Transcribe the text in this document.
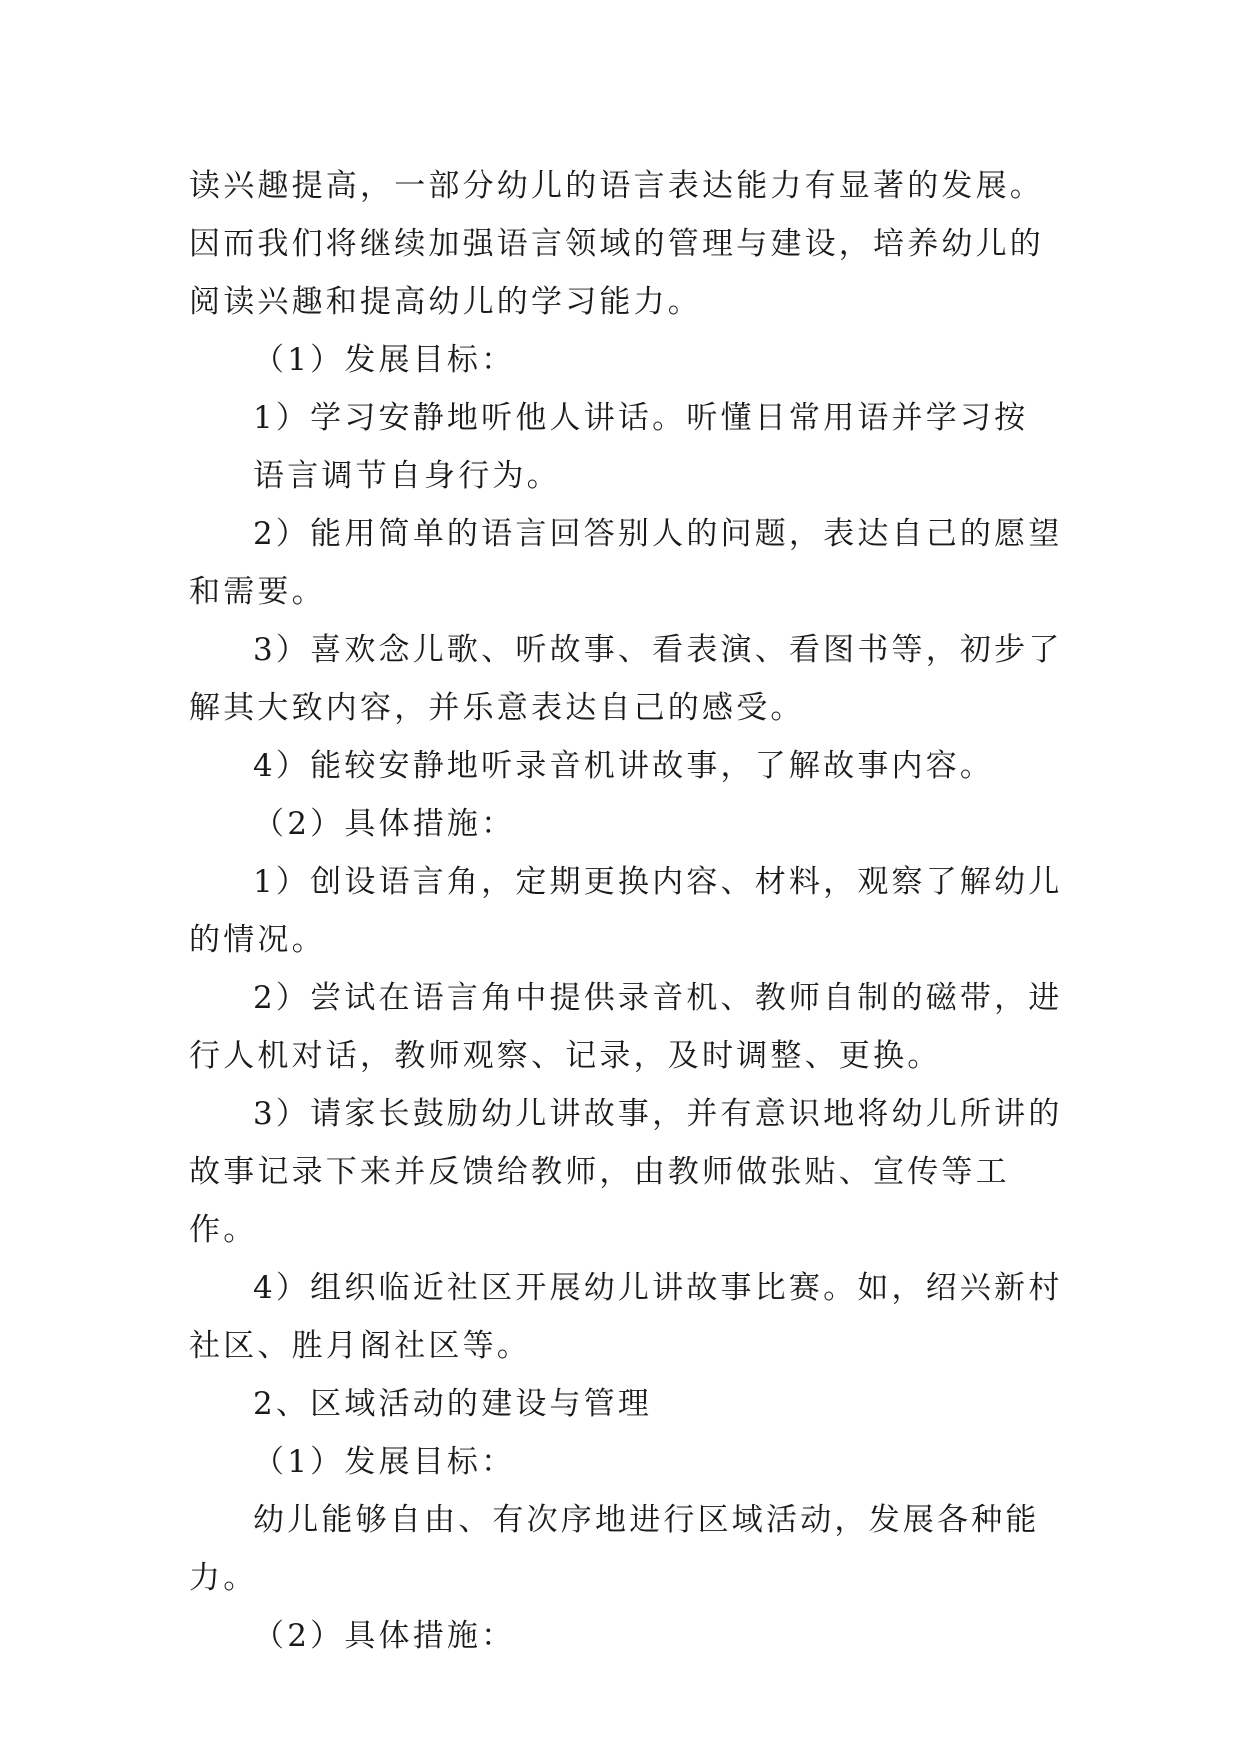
读兴趣提高，一部分幼儿的语言表达能力有显著的发展。因而我们将继续加强语言领域的管理与建设，培养幼儿的阅读兴趣和提高幼儿的学习能力。

（1）发展目标：

1）学习安静地听他人讲话。听懂日常用语并学习按

语言调节自身行为。

2）能用简单的语言回答别人的问题，表达自己的愿望和需要。

3）喜欢念儿歌、听故事、看表演、看图书等，初步了解其大致内容，并乐意表达自己的感受。

4）能较安静地听录音机讲故事，了解故事内容。

（2）具体措施：

1）创设语言角，定期更换内容、材料，观察了解幼儿的情况。

2）尝试在语言角中提供录音机、教师自制的磁带，进行人机对话，教师观察、记录，及时调整、更换。

3）请家长鼓励幼儿讲故事，并有意识地将幼儿所讲的故事记录下来并反馈给教师，由教师做张贴、宣传等工作。

4）组织临近社区开展幼儿讲故事比赛。如，绍兴新村社区、胜月阁社区等。

2、区域活动的建设与管理

（1）发展目标：

幼儿能够自由、有次序地进行区域活动，发展各种能力。

（2）具体措施：
